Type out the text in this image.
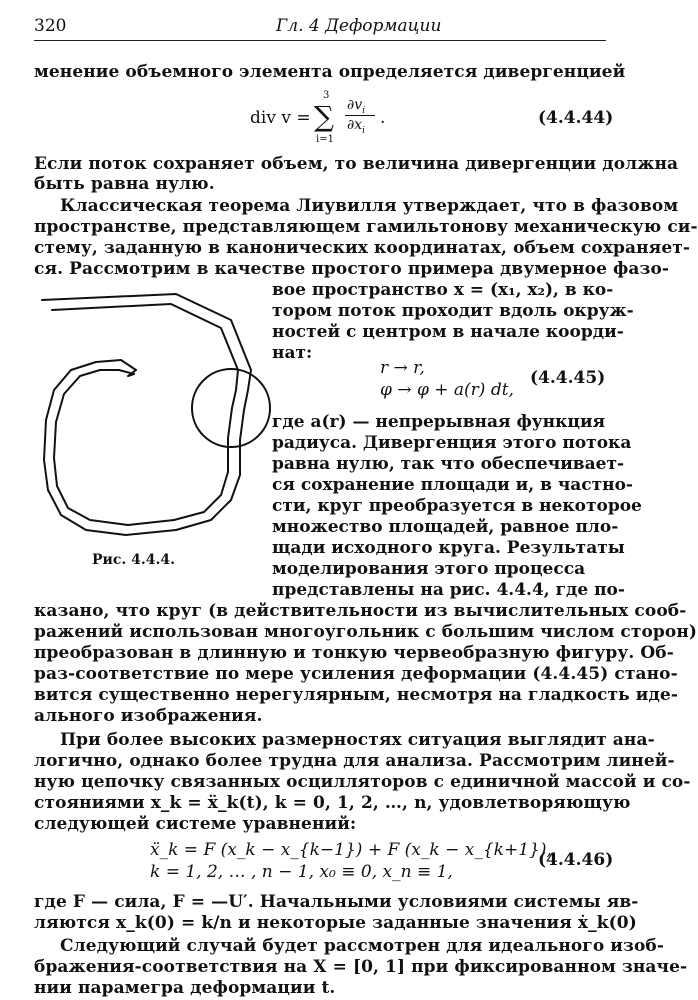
320	Гл. 4 Деформации
менение объемного элемента определяется дивергенцией
div v =
3
∑
i=1
$\partial v_i$
$\partial x_i$
.	(4.4.44)
Если поток сохраняет объем, то величина дивергенции должна
быть равна нулю.
Классическая теорема Лиувилля утверждает, что в фазовом
пространстве, представляющем гамильтонову механическую си-
стему, заданную в канонических координатах, объем сохраняет-
ся. Рассмотрим в качестве простого примера двумерное фазо-
вое пространство x = (x₁, x₂), в ко-
тором поток проходит вдоль окруж-
ностей с центром в начале коорди-
нат:
r → r,
φ → φ + a(r) dt,
(4.4.45)
где a(r) — непрерывная функция
радиуса. Дивергенция этого потока
равна нулю, так что обеспечивает-
ся сохранение площади и, в частно-
сти, круг преобразуется в некоторое
множество площадей, равное пло-
щади исходного круга. Результаты
моделирования этого процесса
представлены на рис. 4.4.4, где по-
Рис. 4.4.4.
казано, что круг (в действительности из вычислительных сооб-
ражений использован многоугольник с большим числом сторон)
преобразован в длинную и тонкую червеобразную фигуру. Об-
раз-соответствие по мере усиления деформации (4.4.45) стано-
вится существенно нерегулярным, несмотря на гладкость иде-
ального изображения.
При более высоких размерностях ситуация выглядит ана-
логично, однако более трудна для анализа. Рассмотрим линей-
ную цепочку связанных осцилляторов с единичной массой и со-
стояниями x_k = ẍ_k(t), k = 0, 1, 2, …, n, удовлетворяющую
следующей системе уравнений:
ẍ_k = F (x_k − x_{k−1}) + F (x_k − x_{k+1}),
k = 1, 2, … , n − 1, x₀ ≡ 0, x_n ≡ 1,
(4.4.46)
где F — сила, F = —U′. Начальными условиями системы яв-
ляются x_k(0) = k/n и некоторые заданные значения ẋ_k(0)
Следующий случай будет рассмотрен для идеального изоб-
бражения-соответствия на X = [0, 1] при фиксированном значе-
нии парамегра деформации t.
